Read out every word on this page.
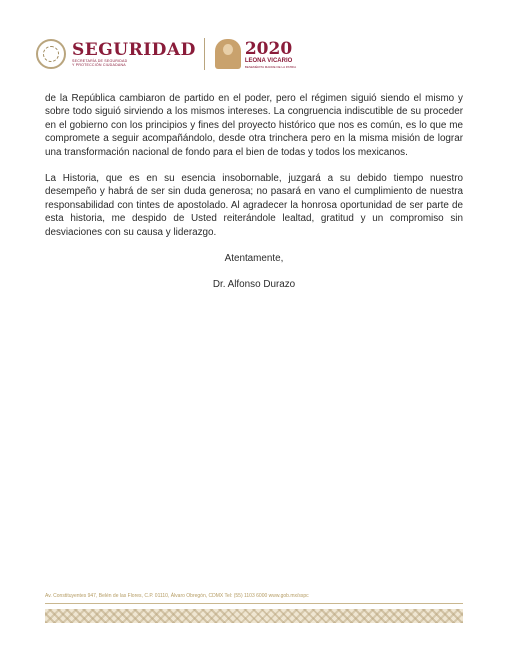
SEGURIDAD
SECRETARÍA DE SEGURIDAD
Y PROTECCIÓN CIUDADANA
2020
LEONA VICARIO
BENEMÉRITA MADRE DE LA PATRIA

de la República cambiaron de partido en el poder, pero el régimen siguió siendo el mismo y sobre todo siguió sirviendo a los mismos intereses. La congruencia indiscutible de su proceder en el gobierno con los principios y fines del proyecto histórico que nos es común, es lo que me compromete a seguir acompañándolo, desde otra trinchera pero en la misma misión de lograr una transformación nacional de fondo para el bien de todas y todos los mexicanos.

La Historia, que es en su esencia insobornable, juzgará a su debido tiempo nuestro desempeño y habrá de ser sin duda generosa; no pasará en vano el cumplimiento de nuestra responsabilidad con tintes de apostolado. Al agradecer la honrosa oportunidad de ser parte de esta historia, me despido de Usted reiterándole lealtad, gratitud y un compromiso sin desviaciones con su causa y liderazgo.

Atentamente,

Dr. Alfonso Durazo

Av. Constituyentes 947, Belén de las Flores, C.P. 01110, Álvaro Obregón, CDMX Tel: (55) 1103 6000 www.gob.mx/sspc
